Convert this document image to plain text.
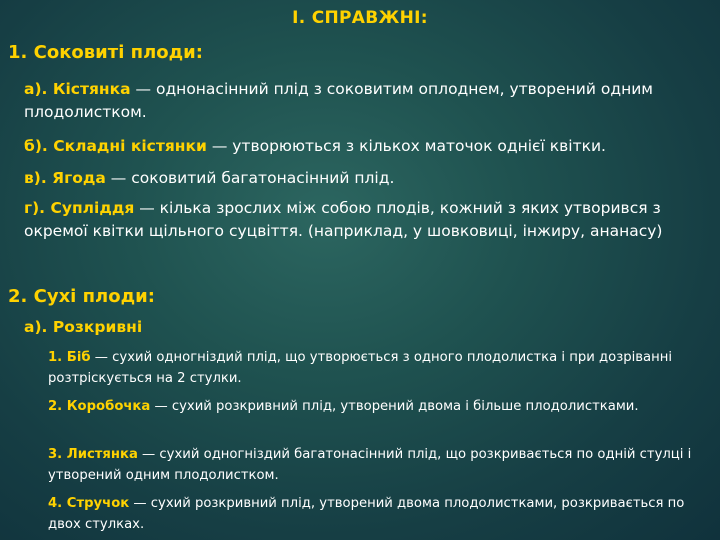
I. СПРАВЖНІ:
1. Соковиті плоди:
а). Кістянка — однонасінний плід з соковитим оплоднем, утворений одним плодолистком.
б). Складні кістянки — утворюються з кількох маточок однієї квітки.
в). Ягода — соковитий багатонасінний плід.
г). Супліддя — кілька зрослих між собою плодів, кожний з яких утворився з окремої квітки щільного суцвіття. (наприклад, у шовковиці, інжиру, ананасу)
2. Сухі плоди:
а). Розкривні
1. Біб — сухий одногніздий плід, що утворюється з одного плодолистка і при дозріванні розтріскується на 2 стулки.
2. Коробочка — сухий розкривний плід, утворений двома і більше плодолистками.
3. Листянка — сухий одногніздий багатонасінний плід, що розкривається по одній стулці і утворений одним плодолистком.
4. Стручок — сухий розкривний плід, утворений двома плодолистками, розкривається по двох стулках.
